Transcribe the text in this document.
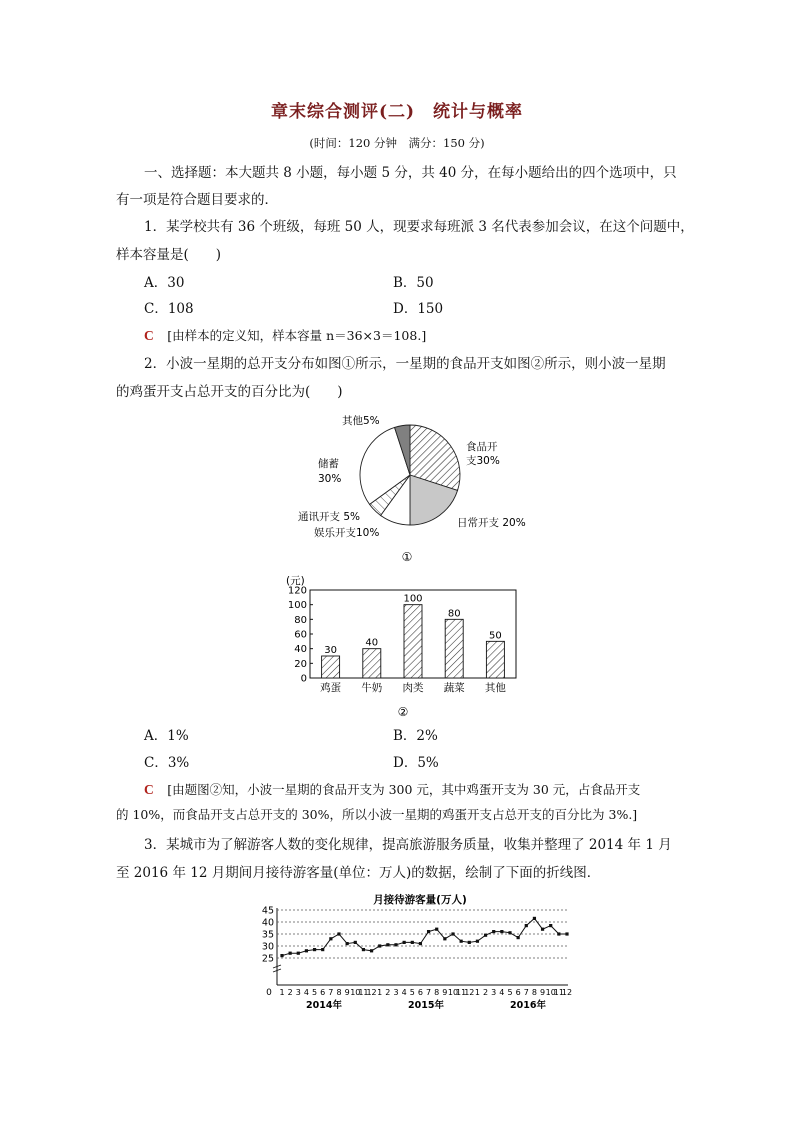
章末综合测评(二) 统计与概率
(时间：120 分钟　满分：150 分)
一、选择题：本大题共 8 小题，每小题 5 分，共 40 分，在每小题给出的四个选项中，只
有一项是符合题目要求的．
1．某学校共有 36 个班级，每班 50 人，现要求每班派 3 名代表参加会议，在这个问题中，
样本容量是(　　)
A．30	B．50
C．108	D．150
C　 [由样本的定义知，样本容量 n＝36×3＝108.]
2．小波一星期的总开支分布如图①所示，一星期的食品开支如图②所示，则小波一星期
的鸡蛋开支占总开支的百分比为(　　)
其他5%
食品开
支30%
储蓄
30%
日常开支 20%
通讯开支 5%
娱乐开支10%
①
(元)
0
20
40
60
80
100
120
30
鸡蛋
40
牛奶
100
肉类
80
蔬菜
50
其他
②
A．1%	B．2%
C．3%	D．5%
C　 [由题图②知，小波一星期的食品开支为 300 元，其中鸡蛋开支为 30 元，占食品开支
的 10%，而食品开支占总开支的 30%，所以小波一星期的鸡蛋开支占总开支的百分比为 3%.]
3．某城市为了解游客人数的变化规律，提高旅游服务质量，收集并整理了 2014 年 1 月
至 2016 年 12 月期间月接待游客量(单位：万人)的数据，绘制了下面的折线图．
月接待游客量(万人)
25
30
35
40
45
1 2 3 4 5 6 7 8 9 10
11
12 1 2 3 4 5 6 7 8 9 10
11
12 1 2 3 4 5 6 7 8 9 10
11
12
0
2014年	2015年	2016年
